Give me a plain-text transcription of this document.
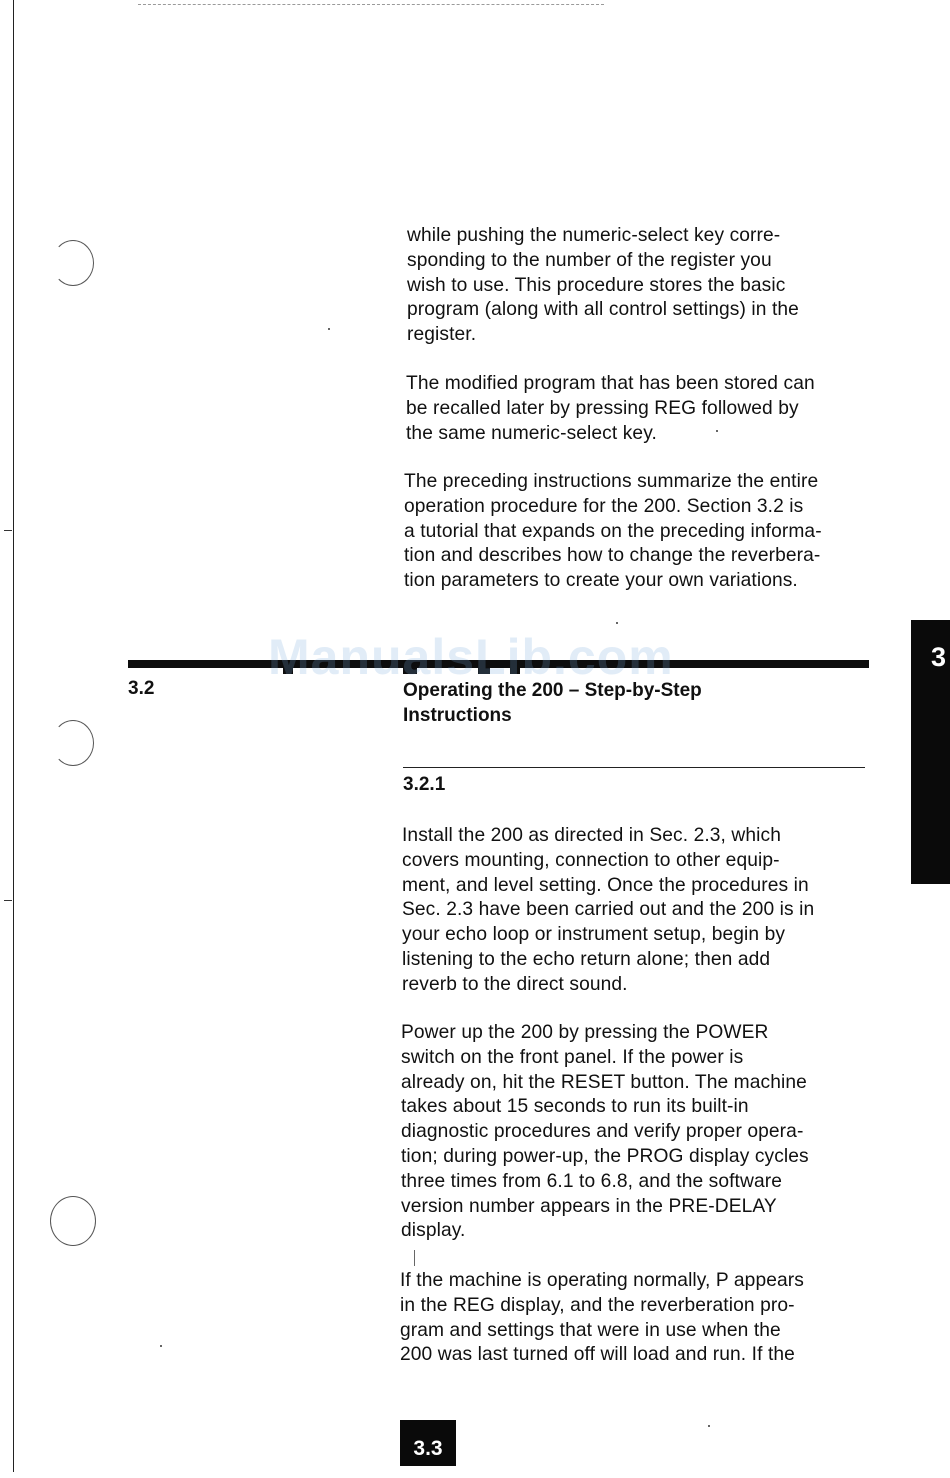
while pushing the numeric-select key corre-
sponding to the number of the register you
wish to use. This procedure stores the basic
program (along with all control settings) in the
register.

The modified program that has been stored can
be recalled later by pressing REG followed by
the same numeric-select key.

The preceding instructions summarize the entire
operation procedure for the 200. Section 3.2 is
a tutorial that expands on the preceding informa-
tion and describes how to change the reverbera-
tion parameters to create your own variations.

ManualsLib.com
3.2	Operating the 200 – Step-by-Step
Instructions

3.2.1

Install the 200 as directed in Sec. 2.3, which
covers mounting, connection to other equip-
ment, and level setting. Once the procedures in
Sec. 2.3 have been carried out and the 200 is in
your echo loop or instrument setup, begin by
listening to the echo return alone; then add
reverb to the direct sound.

Power up the 200 by pressing the POWER
switch on the front panel. If the power is
already on, hit the RESET button. The machine
takes about 15 seconds to run its built-in
diagnostic procedures and verify proper opera-
tion; during power-up, the PROG display cycles
three times from 6.1 to 6.8, and the software
version number appears in the PRE-DELAY
display.

If the machine is operating normally, P appears
in the REG display, and the reverberation pro-
gram and settings that were in use when the
200 was last turned off will load and run. If the

3
3.3
